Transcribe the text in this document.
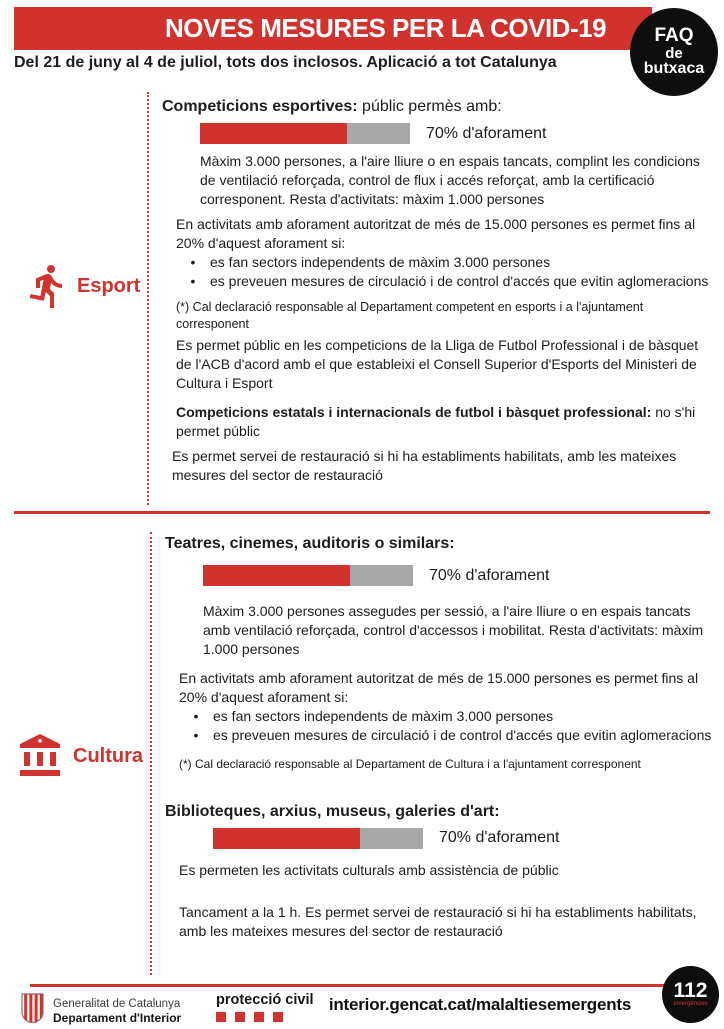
NOVES MESURES PER LA COVID-19	FAQ
de
butxaca
Del 21 de juny al 4 de juliol, tots dos inclosos. Aplicació a tot Catalunya
Competicions esportives: públic permès amb:
70% d'aforament
Màxim 3.000 persones, a l'aire lliure o en espais tancats, complint les condicions de ventilació reforçada, control de flux i accés reforçat, amb la certificació corresponent. Resta d'activitats: màxim 1.000 persones
En activitats amb aforament autoritzat de més de 15.000 persones es permet fins al 20% d'aquest aforament si:
•	es fan sectors independents de màxim 3.000 persones
•	es preveuen mesures de circulació i de control d'accés que evitin aglomeracions
(*) Cal declaració responsable al Departament competent en esports i a l'ajuntament corresponent
Es permet públic en les competicions de la Lliga de Futbol Professional i de bàsquet de l'ACB d'acord amb el que estableixi el Consell Superior d'Esports del Ministeri de Cultura i Esport
Competicions estatals i internacionals de futbol i bàsquet professional: no s'hi permet públic
Es permet servei de restauració si hi ha establiments habilitats, amb les mateixes mesures del sector de restauració
Esport
Teatres, cinemes, auditoris o similars:
70% d'aforament
Màxim 3.000 persones assegudes per sessió, a l'aire lliure o en espais tancats amb ventilació reforçada, control d'accessos i mobilitat. Resta d'activitats: màxim 1.000 persones
En activitats amb aforament autoritzat de més de 15.000 persones es permet fins al 20% d'aquest aforament si:
•	es fan sectors independents de màxim 3.000 persones
•	es preveuen mesures de circulació i de control d'accés que evitin aglomeracions
(*) Cal declaració responsable al Departament de Cultura i a l'ajuntament corresponent
Biblioteques, arxius, museus, galeries d'art:
70% d'aforament
Es permeten les activitats culturals amb assistència de públic
Tancament a la 1 h. Es permet servei de restauració si hi ha establiments habilitats, amb les mateixes mesures del sector de restauració
Cultura
Generalitat de Catalunya
Departament d'Interior
protecció civil interior.gencat.cat/malaltiesemergents
112
emergències
